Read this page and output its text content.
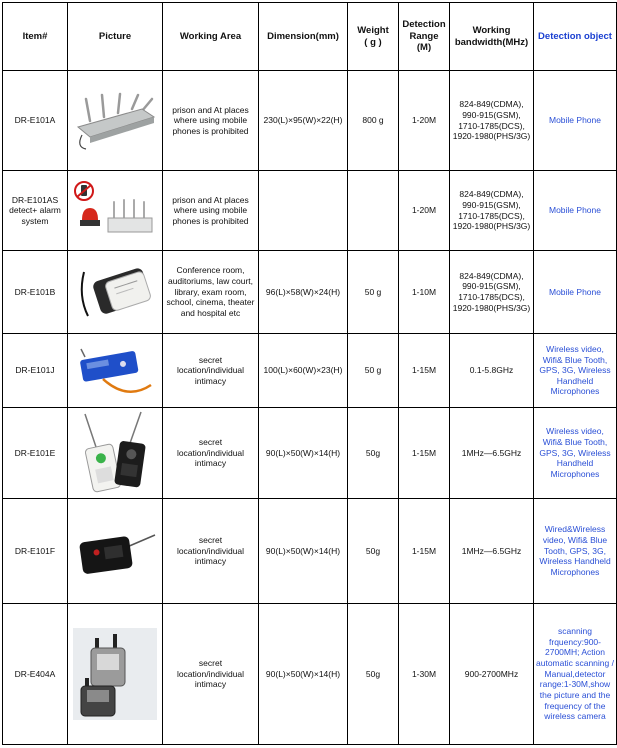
Item#	Picture	Working Area	Dimension(mm)	Weight
( g )	Detection
Range
(M)	Working
bandwidth(MHz)	Detection object
DR-E101A		prison and At places where using mobile phones is prohibited	230(L)×95(W)×22(H)	800 g	1-20M	824-849(CDMA),
990-915(GSM),
1710-1785(DCS),
1920-1980(PHS/3G)	Mobile Phone
DR-E101AS
detect+ alarm
system		prison and At places where using mobile phones is prohibited			1-20M	824-849(CDMA),
990-915(GSM),
1710-1785(DCS),
1920-1980(PHS/3G)	Mobile Phone
DR-E101B		Conference room, auditoriums, law court, library, exam room, school, cinema, theater and hospital etc	96(L)×58(W)×24(H)	50 g	1-10M	824-849(CDMA),
990-915(GSM),
1710-1785(DCS),
1920-1980(PHS/3G)	Mobile Phone
DR-E101J		secret location/individual intimacy	100(L)×60(W)×23(H)	50 g	1-15M	0.1-5.8GHz	Wireless video, Wifi& Blue Tooth, GPS, 3G, Wireless Handheld Microphones
DR-E101E		secret location/individual intimacy	90(L)×50(W)×14(H)	50g	1-15M	1MHz—6.5GHz	Wireless video, Wifi& Blue Tooth, GPS, 3G, Wireless Handheld Microphones
DR-E101F		secret location/individual intimacy	90(L)×50(W)×14(H)	50g	1-15M	1MHz—6.5GHz	Wired&Wireless video, Wifi& Blue Tooth, GPS, 3G, Wireless Handheld Microphones
DR-E404A		secret location/individual intimacy	90(L)×50(W)×14(H)	50g	1-30M	900-2700MHz	scanning frquency:900-2700MH; Action automatic scanning / Manual,detector range:1-30M,show the picture and the frequency of the wireless camera
